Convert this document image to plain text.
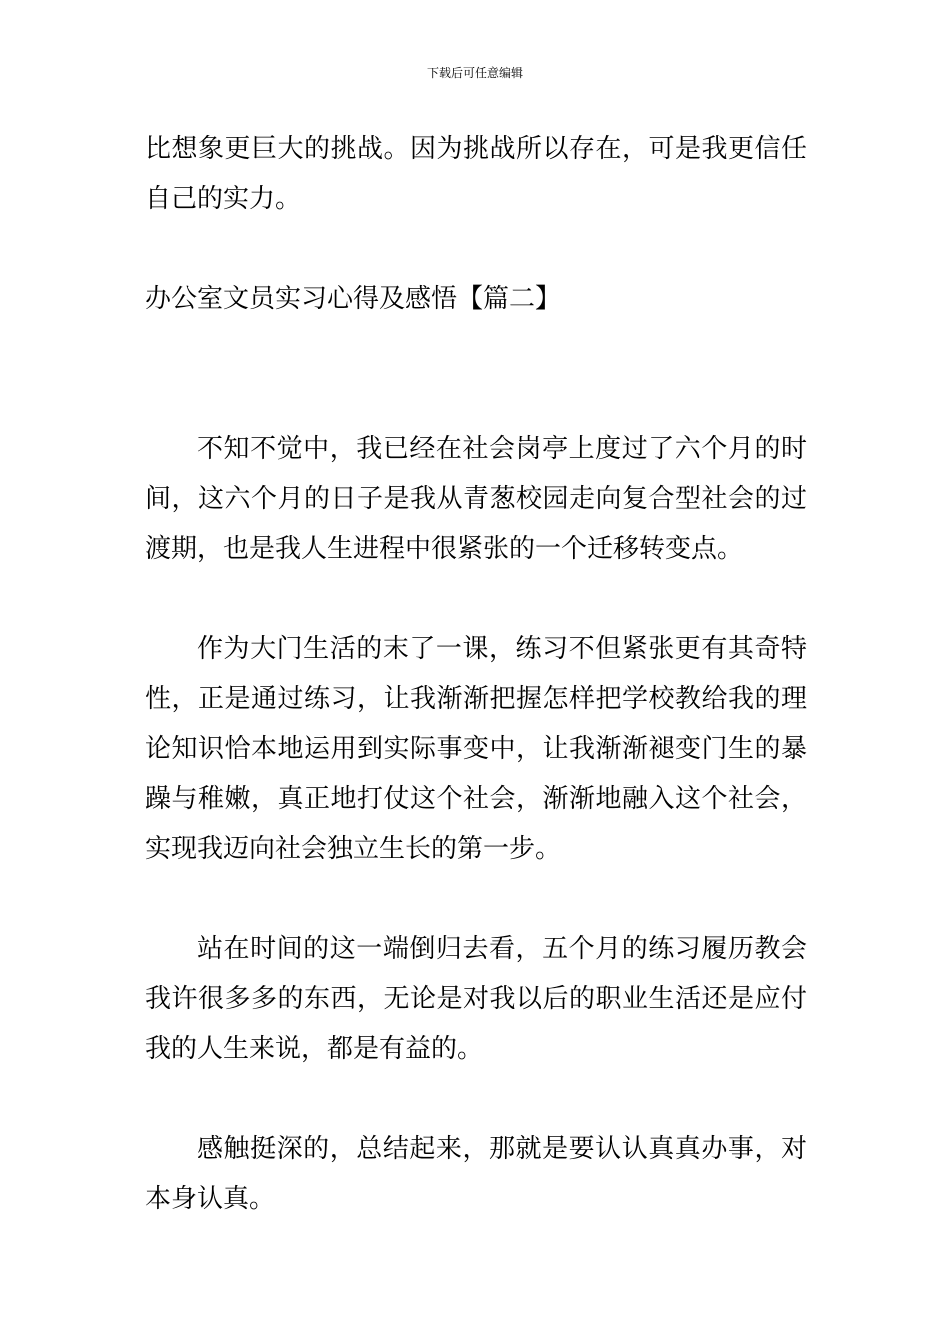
下载后可任意编辑

比想象更巨大的挑战。因为挑战所以存在，可是我更信任自己的实力。

办公室文员实习心得及感悟【篇二】

不知不觉中，我已经在社会岗亭上度过了六个月的时间，这六个月的日子是我从青葱校园走向复合型社会的过渡期，也是我人生进程中很紧张的一个迁移转变点。

作为大门生活的末了一课，练习不但紧张更有其奇特性，正是通过练习，让我渐渐把握怎样把学校教给我的理论知识恰本地运用到实际事变中，让我渐渐褪变门生的暴躁与稚嫩，真正地打仗这个社会，渐渐地融入这个社会，实现我迈向社会独立生长的第一步。

站在时间的这一端倒归去看，五个月的练习履历教会我许很多多的东西，无论是对我以后的职业生活还是应付我的人生来说，都是有益的。

感触挺深的，总结起来，那就是要认认真真办事，对本身认真。
